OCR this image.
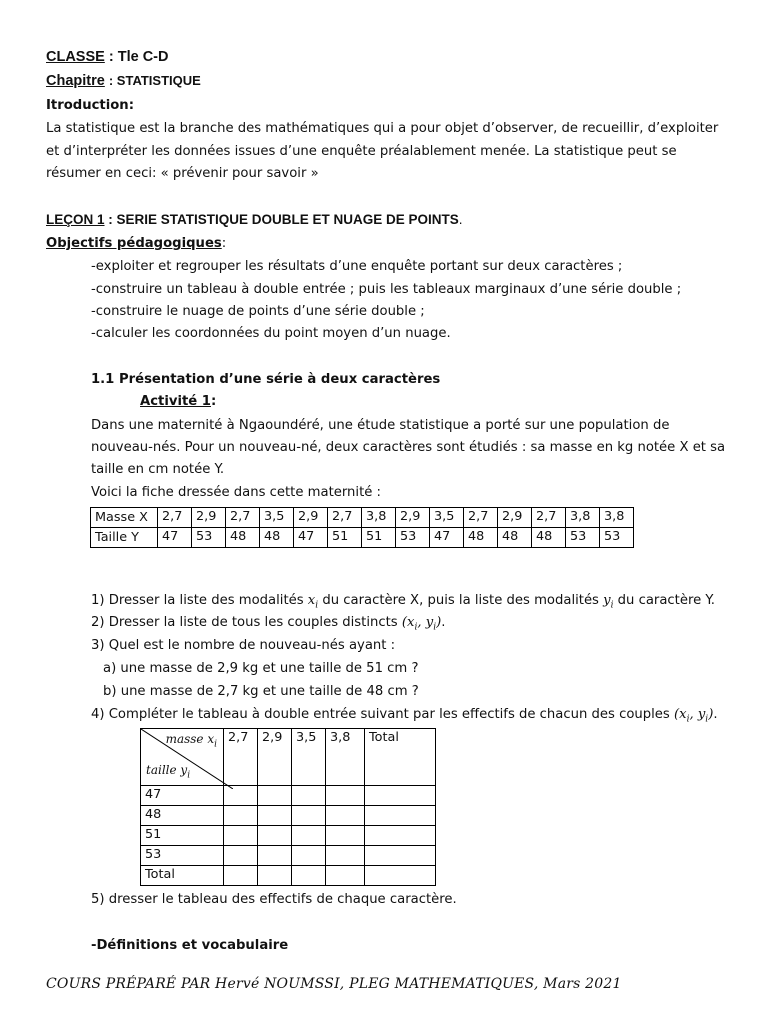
CLASSE : Tle C-D
Chapitre : STATISTIQUE
Itroduction:
La statistique est la branche des mathématiques qui a pour objet d’observer, de recueillir, d’exploiter et d’interpréter les données issues d’une enquête préalablement menée. La statistique peut se résumer en ceci: « prévenir pour savoir »
LEÇON 1 : SERIE STATISTIQUE DOUBLE ET NUAGE DE POINTS.
Objectifs pédagogiques:
-exploiter et regrouper les résultats d’une enquête portant sur deux caractères ;
-construire un tableau à double entrée ; puis les tableaux marginaux d’une série double ;
-construire le nuage de points d’une série double ;
-calculer les coordonnées du point moyen d’un nuage.
1.1 Présentation d’une série à deux caractères
Activité 1:
Dans une maternité à Ngaoundéré, une étude statistique a porté sur une population de nouveau-nés. Pour un nouveau-né, deux caractères sont étudiés : sa masse en kg notée X et sa taille en cm notée Y.
Voici la fiche dressée dans cette maternité :
Masse X	2,7	2,9	2,7	3,5	2,9	2,7	3,8	2,9	3,5	2,7	2,9	2,7	3,8	3,8
Taille Y	47	53	48	48	47	51	51	53	47	48	48	48	53	53
1) Dresser la liste des modalités $x_i$ du caractère X, puis la liste des modalités $y_i$ du caractère Y.
2) Dresser la liste de tous les couples distincts ($x_i$, $y_i$).
3) Quel est le nombre de nouveau-nés ayant :
a) une masse de 2,9 kg et une taille de 51 cm ?
b) une masse de 2,7 kg et une taille de 48 cm ?
4) Compléter le tableau à double entrée suivant par les effectifs de chacun des couples ($x_i$, $y_i$).
masse $x_i$
taille $y_i$	2,7	2,9	3,5	3,8	Total
47					
48					
51					
53					
Total					
5) dresser le tableau des effectifs de chaque caractère.
-Définitions et vocabulaire
COURS PRÉPARÉ PAR Hervé NOUMSSI, PLEG MATHEMATIQUES, Mars 2021
